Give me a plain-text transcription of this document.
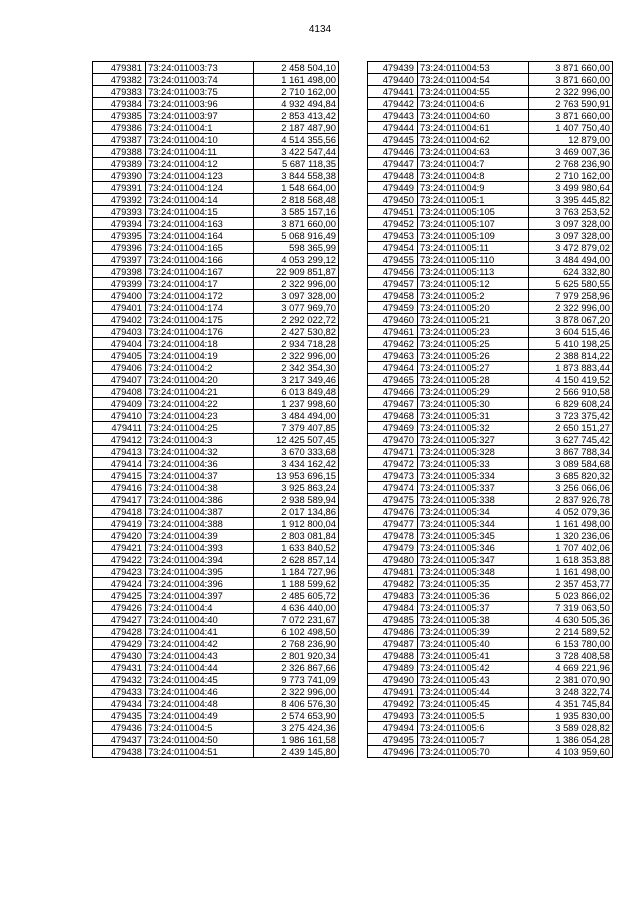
4134
479381	73:24:011003:73	2 458 504,10
479382	73:24:011003:74	1 161 498,00
479383	73:24:011003:75	2 710 162,00
479384	73:24:011003:96	4 932 494,84
479385	73:24:011003:97	2 853 413,42
479386	73:24:011004:1	2 187 487,90
479387	73:24:011004:10	4 514 355,56
479388	73:24:011004:11	3 422 547,44
479389	73:24:011004:12	5 687 118,35
479390	73:24:011004:123	3 844 558,38
479391	73:24:011004:124	1 548 664,00
479392	73:24:011004:14	2 818 568,48
479393	73:24:011004:15	3 585 157,16
479394	73:24:011004:163	3 871 660,00
479395	73:24:011004:164	5 068 916,49
479396	73:24:011004:165	598 365,99
479397	73:24:011004:166	4 053 299,12
479398	73:24:011004:167	22 909 851,87
479399	73:24:011004:17	2 322 996,00
479400	73:24:011004:172	3 097 328,00
479401	73:24:011004:174	3 077 969,70
479402	73:24:011004:175	2 292 022,72
479403	73:24:011004:176	2 427 530,82
479404	73:24:011004:18	2 934 718,28
479405	73:24:011004:19	2 322 996,00
479406	73:24:011004:2	2 342 354,30
479407	73:24:011004:20	3 217 349,46
479408	73:24:011004:21	6 013 849,48
479409	73:24:011004:22	1 237 998,60
479410	73:24:011004:23	3 484 494,00
479411	73:24:011004:25	7 379 407,85
479412	73:24:011004:3	12 425 507,45
479413	73:24:011004:32	3 670 333,68
479414	73:24:011004:36	3 434 162,42
479415	73:24:011004:37	13 953 696,15
479416	73:24:011004:38	3 925 863,24
479417	73:24:011004:386	2 938 589,94
479418	73:24:011004:387	2 017 134,86
479419	73:24:011004:388	1 912 800,04
479420	73:24:011004:39	2 803 081,84
479421	73:24:011004:393	1 633 840,52
479422	73:24:011004:394	2 628 857,14
479423	73:24:011004:395	1 184 727,96
479424	73:24:011004:396	1 188 599,62
479425	73:24:011004:397	2 485 605,72
479426	73:24:011004:4	4 636 440,00
479427	73:24:011004:40	7 072 231,67
479428	73:24:011004:41	6 102 498,50
479429	73:24:011004:42	2 768 236,90
479430	73:24:011004:43	2 801 920,34
479431	73:24:011004:44	2 326 867,66
479432	73:24:011004:45	9 773 741,09
479433	73:24:011004:46	2 322 996,00
479434	73:24:011004:48	8 406 576,30
479435	73:24:011004:49	2 574 653,90
479436	73:24:011004:5	3 275 424,36
479437	73:24:011004:50	1 986 161,58
479438	73:24:011004:51	2 439 145,80
479439	73:24:011004:53	3 871 660,00
479440	73:24:011004:54	3 871 660,00
479441	73:24:011004:55	2 322 996,00
479442	73:24:011004:6	2 763 590,91
479443	73:24:011004:60	3 871 660,00
479444	73:24:011004:61	1 407 750,40
479445	73:24:011004:62	12 879,00
479446	73:24:011004:63	3 469 007,36
479447	73:24:011004:7	2 768 236,90
479448	73:24:011004:8	2 710 162,00
479449	73:24:011004:9	3 499 980,64
479450	73:24:011005:1	3 395 445,82
479451	73:24:011005:105	3 763 253,52
479452	73:24:011005:107	3 097 328,00
479453	73:24:011005:109	3 097 328,00
479454	73:24:011005:11	3 472 879,02
479455	73:24:011005:110	3 484 494,00
479456	73:24:011005:113	624 332,80
479457	73:24:011005:12	5 625 580,55
479458	73:24:011005:2	7 979 258,96
479459	73:24:011005:20	2 322 996,00
479460	73:24:011005:21	3 878 067,20
479461	73:24:011005:23	3 604 515,46
479462	73:24:011005:25	5 410 198,25
479463	73:24:011005:26	2 388 814,22
479464	73:24:011005:27	1 873 883,44
479465	73:24:011005:28	4 150 419,52
479466	73:24:011005:29	2 566 910,58
479467	73:24:011005:30	6 829 608,24
479468	73:24:011005:31	3 723 375,42
479469	73:24:011005:32	2 650 151,27
479470	73:24:011005:327	3 627 745,42
479471	73:24:011005:328	3 867 788,34
479472	73:24:011005:33	3 089 584,68
479473	73:24:011005:334	3 685 820,32
479474	73:24:011005:337	3 256 066,06
479475	73:24:011005:338	2 837 926,78
479476	73:24:011005:34	4 052 079,36
479477	73:24:011005:344	1 161 498,00
479478	73:24:011005:345	1 320 236,06
479479	73:24:011005:346	1 707 402,06
479480	73:24:011005:347	1 618 353,88
479481	73:24:011005:348	1 161 498,00
479482	73:24:011005:35	2 357 453,77
479483	73:24:011005:36	5 023 866,02
479484	73:24:011005:37	7 319 063,50
479485	73:24:011005:38	4 630 505,36
479486	73:24:011005:39	2 214 589,52
479487	73:24:011005:40	6 153 780,00
479488	73:24:011005:41	3 728 408,58
479489	73:24:011005:42	4 669 221,96
479490	73:24:011005:43	2 381 070,90
479491	73:24:011005:44	3 248 322,74
479492	73:24:011005:45	4 351 745,84
479493	73:24:011005:5	1 935 830,00
479494	73:24:011005:6	3 589 028,82
479495	73:24:011005:7	1 386 054,28
479496	73:24:011005:70	4 103 959,60
